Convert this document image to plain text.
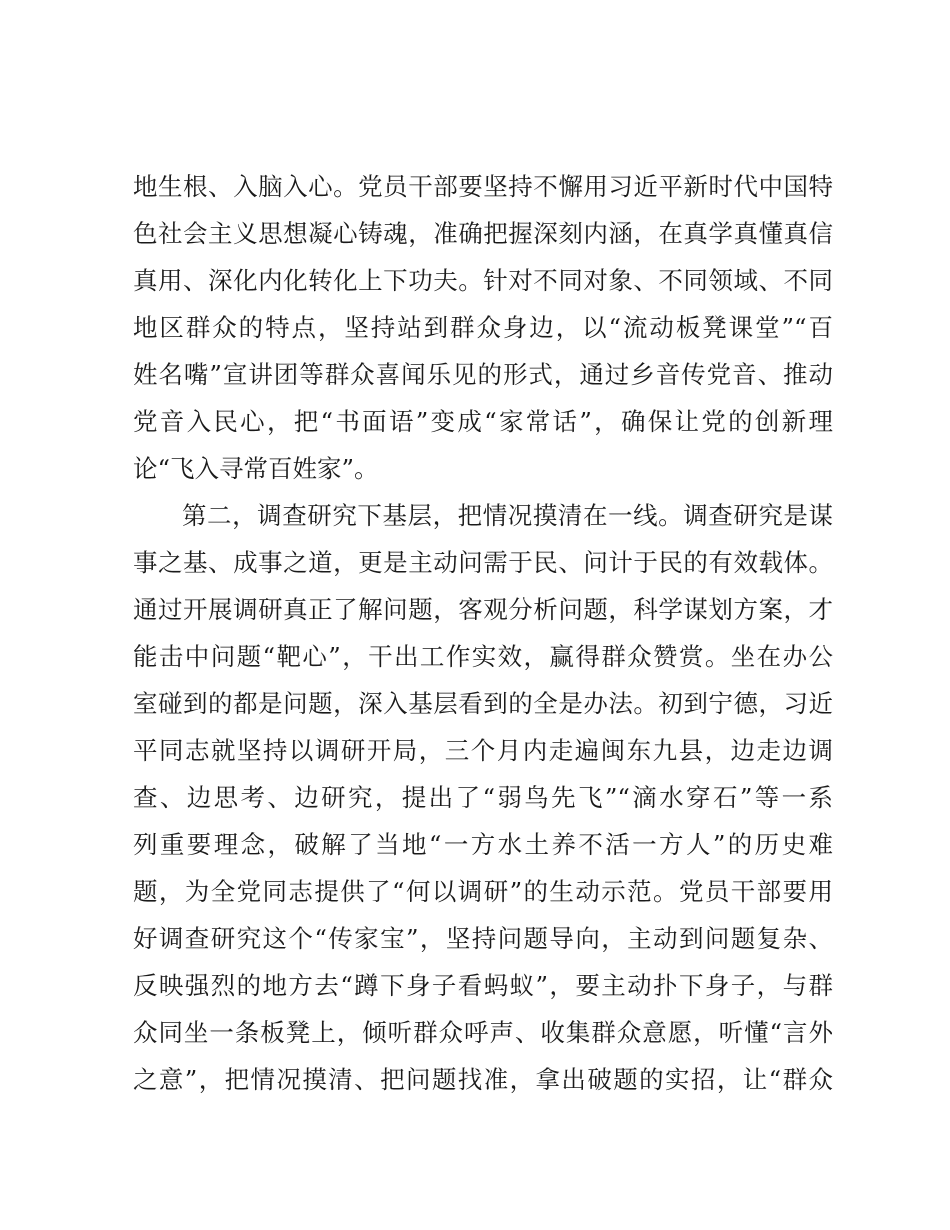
地生根、入脑入心。党员干部要坚持不懈用习近平新时代中国特
色社会主义思想凝心铸魂，准确把握深刻内涵，在真学真懂真信
真用、深化内化转化上下功夫。针对不同对象、不同领域、不同
地区群众的特点，坚持站到群众身边，以“流动板凳课堂”“百
姓名嘴”宣讲团等群众喜闻乐见的形式，通过乡音传党音、推动
党音入民心，把“书面语”变成“家常话”，确保让党的创新理
论“飞入寻常百姓家”。
第二，调查研究下基层，把情况摸清在一线。调查研究是谋
事之基、成事之道，更是主动问需于民、问计于民的有效载体。
通过开展调研真正了解问题，客观分析问题，科学谋划方案，才
能击中问题“靶心”，干出工作实效，赢得群众赞赏。坐在办公
室碰到的都是问题，深入基层看到的全是办法。初到宁德，习近
平同志就坚持以调研开局，三个月内走遍闽东九县，边走边调
查、边思考、边研究，提出了“弱鸟先飞”“滴水穿石”等一系
列重要理念，破解了当地“一方水土养不活一方人”的历史难
题，为全党同志提供了“何以调研”的生动示范。党员干部要用
好调查研究这个“传家宝”，坚持问题导向，主动到问题复杂、
反映强烈的地方去“蹲下身子看蚂蚁”，要主动扑下身子，与群
众同坐一条板凳上，倾听群众呼声、收集群众意愿，听懂“言外
之意”，把情况摸清、把问题找准，拿出破题的实招，让“群众
